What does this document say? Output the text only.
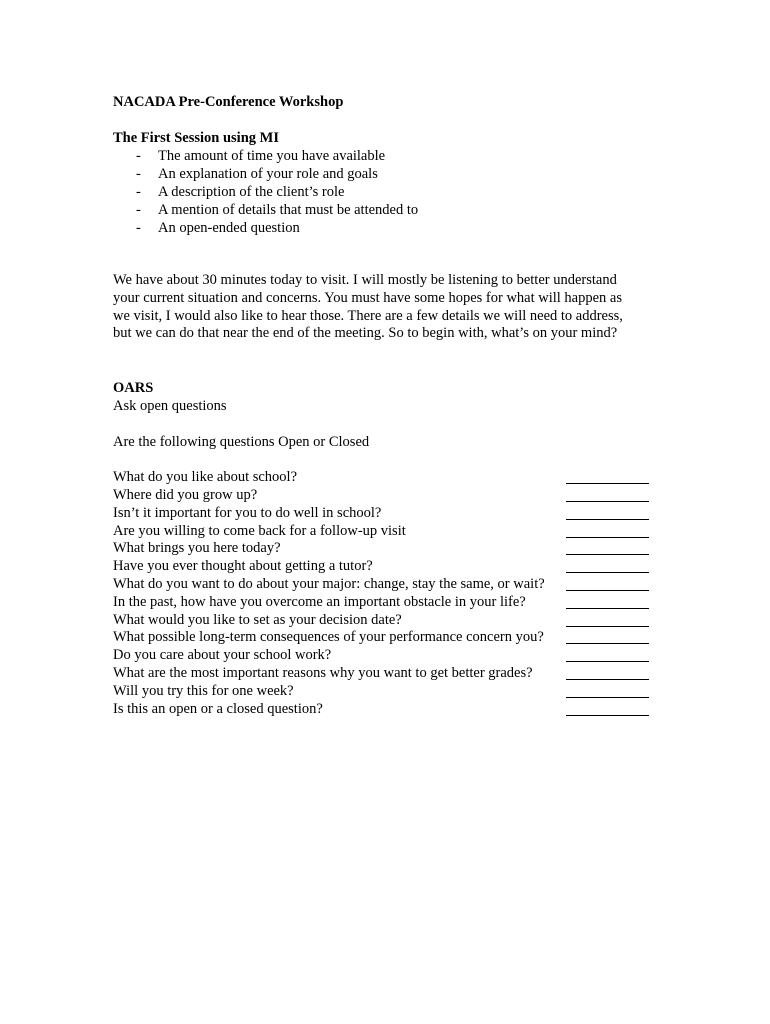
NACADA Pre-Conference Workshop
The First Session using MI
- The amount of time you have available
- An explanation of your role and goals
- A description of the client’s role
- A mention of details that must be attended to
- An open-ended question
We have about 30 minutes today to visit. I will mostly be listening to better understand
your current situation and concerns. You must have some hopes for what will happen as
we visit, I would also like to hear those. There are a few details we will need to address,
but we can do that near the end of the meeting. So to begin with, what’s on your mind?
OARS
Ask open questions
Are the following questions Open or Closed
What do you like about school?
Where did you grow up?
Isn’t it important for you to do well in school?
Are you willing to come back for a follow-up visit
What brings you here today?
Have you ever thought about getting a tutor?
What do you want to do about your major: change, stay the same, or wait?
In the past, how have you overcome an important obstacle in your life?
What would you like to set as your decision date?
What possible long-term consequences of your performance concern you?
Do you care about your school work?
What are the most important reasons why you want to get better grades?
Will you try this for one week?
Is this an open or a closed question?
